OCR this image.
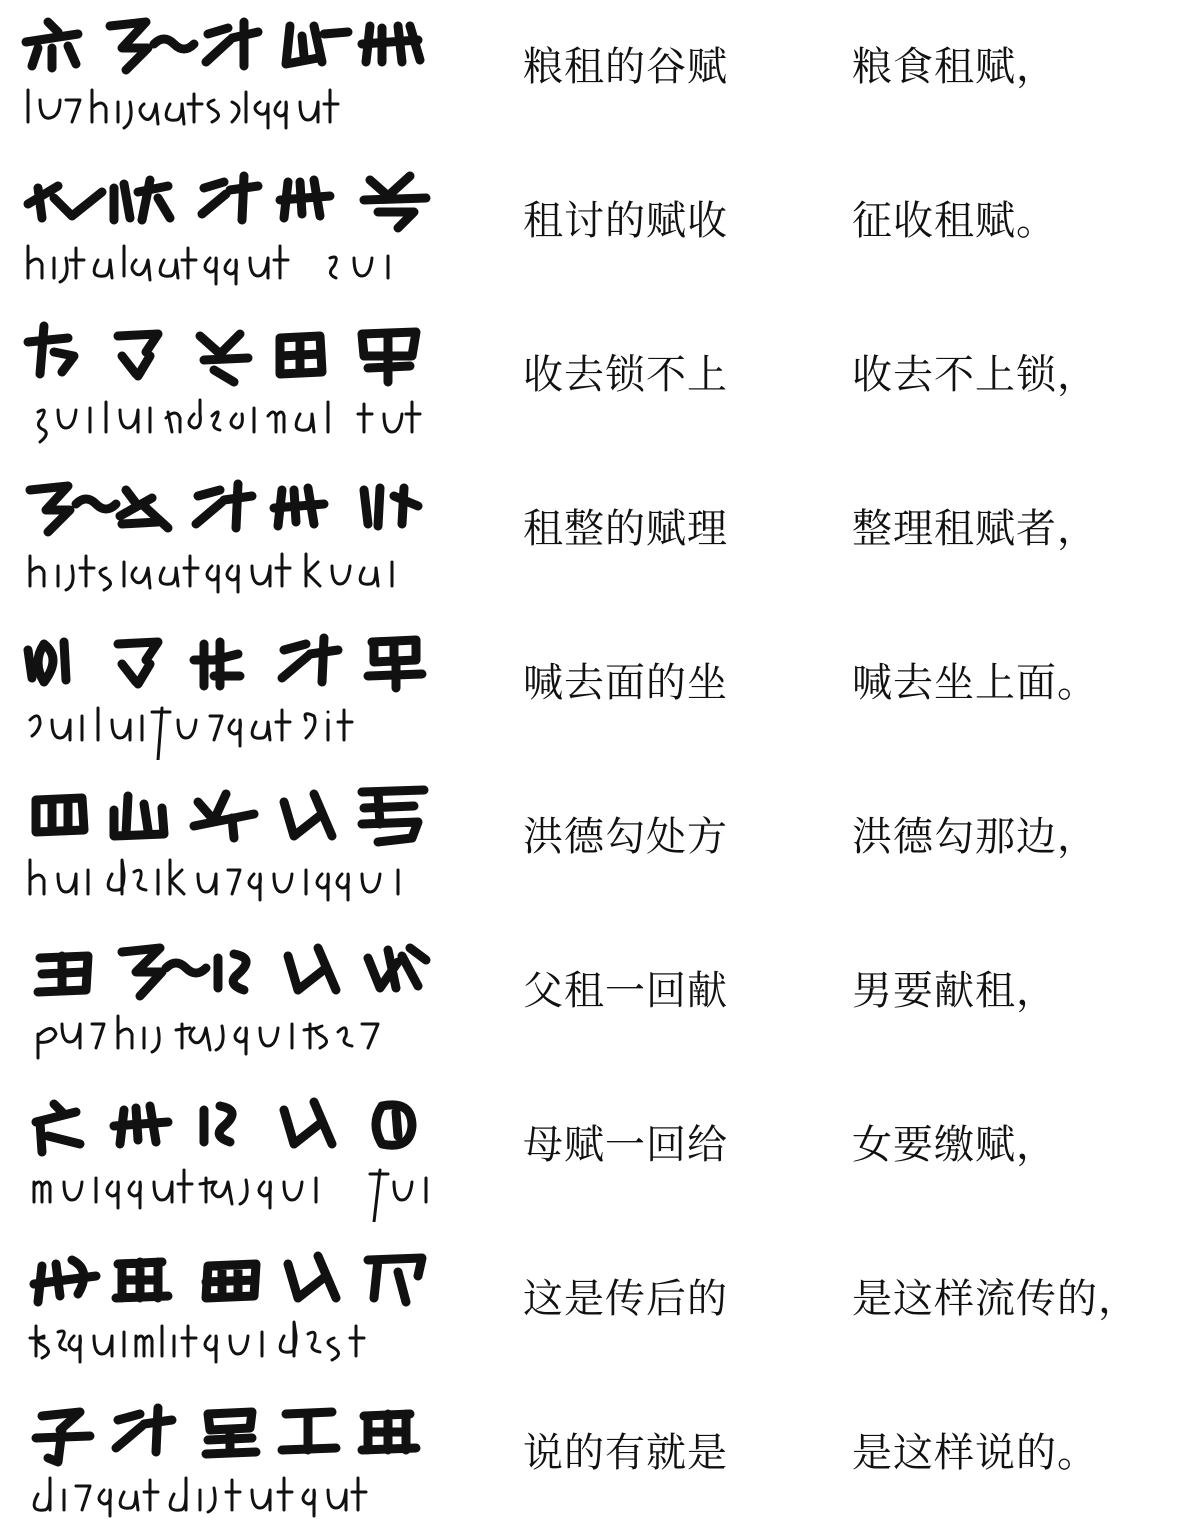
粮租的谷赋	粮食租赋，
租讨的赋收	征收租赋。
收去锁不上	收去不上锁，
租整的赋理	整理租赋者，
喊去面的坐	喊去坐上面。
洪德勾处方	洪德勾那边，
父租一回献	男要献租，
母赋一回给	女要缴赋，
这是传后的	是这样流传的，
说的有就是	是这样说的。
